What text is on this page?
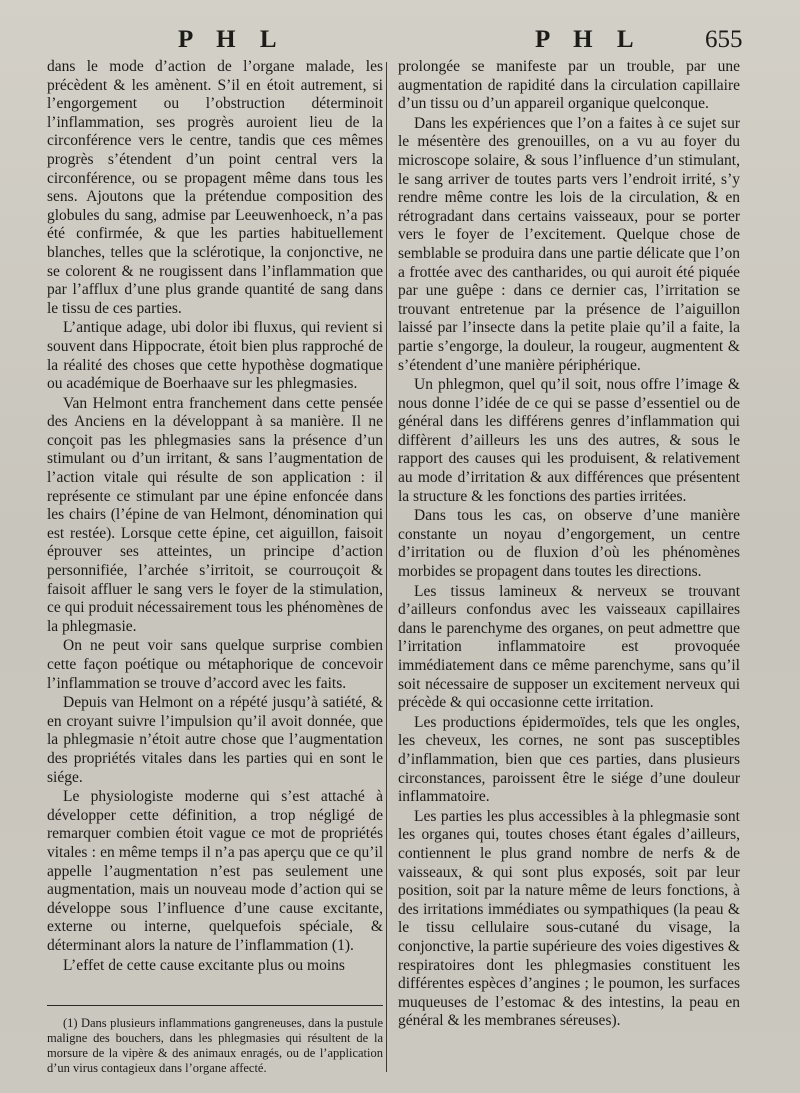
P H L	P H L 655

dans le mode d’action de l’organe malade, les précèdent & les amènent. S’il en étoit autrement, si l’engorgement ou l’obstruction déterminoit l’inflammation, ses progrès auroient lieu de la circonférence vers le centre, tandis que ces mêmes progrès s’étendent d’un point central vers la circonférence, ou se propagent même dans tous les sens. Ajoutons que la prétendue composition des globules du sang, admise par Leeuwenhoeck, n’a pas été confirmée, & que les parties habituellement blanches, telles que la sclérotique, la conjonctive, ne se colorent & ne rougissent dans l’inflammation que par l’afflux d’une plus grande quantité de sang dans le tissu de ces parties.

L’antique adage, ubi dolor ibi fluxus, qui revient si souvent dans Hippocrate, étoit bien plus rapproché de la réalité des choses que cette hypothèse dogmatique ou académique de Boerhaave sur les phlegmasies.

Van Helmont entra franchement dans cette pensée des Anciens en la développant à sa manière. Il ne conçoit pas les phlegmasies sans la présence d’un stimulant ou d’un irritant, & sans l’augmentation de l’action vitale qui résulte de son application : il représente ce stimulant par une épine enfoncée dans les chairs (l’épine de van Helmont, dénomination qui est restée). Lorsque cette épine, cet aiguillon, faisoit éprouver ses atteintes, un principe d’action personnifiée, l’archée s’irritoit, se courrouçoit & faisoit affluer le sang vers le foyer de la stimulation, ce qui produit nécessairement tous les phénomènes de la phlegmasie.

On ne peut voir sans quelque surprise combien cette façon poétique ou métaphorique de concevoir l’inflammation se trouve d’accord avec les faits.

Depuis van Helmont on a répété jusqu’à satiété, & en croyant suivre l’impulsion qu’il avoit donnée, que la phlegmasie n’étoit autre chose que l’augmentation des propriétés vitales dans les parties qui en sont le siége.

Le physiologiste moderne qui s’est attaché à développer cette définition, a trop négligé de remarquer combien étoit vague ce mot de propriétés vitales : en même temps il n’a pas aperçu que ce qu’il appelle l’augmentation n’est pas seulement une augmentation, mais un nouveau mode d’action qui se développe sous l’influence d’une cause excitante, externe ou interne, quelquefois spéciale, & déterminant alors la nature de l’inflammation (1).

L’effet de cette cause excitante plus ou moins

(1) Dans plusieurs inflammations gangreneuses, dans la pustule maligne des bouchers, dans les phlegmasies qui résultent de la morsure de la vipère & des animaux enragés, ou de l’application d’un virus contagieux dans l’organe affecté.

prolongée se manifeste par un trouble, par une augmentation de rapidité dans la circulation capillaire d’un tissu ou d’un appareil organique quelconque.

Dans les expériences que l’on a faites à ce sujet sur le mésentère des grenouilles, on a vu au foyer du microscope solaire, & sous l’influence d’un stimulant, le sang arriver de toutes parts vers l’endroit irrité, s’y rendre même contre les lois de la circulation, & en rétrogradant dans certains vaisseaux, pour se porter vers le foyer de l’excitement. Quelque chose de semblable se produira dans une partie délicate que l’on a frottée avec des cantharides, ou qui auroit été piquée par une guêpe : dans ce dernier cas, l’irritation se trouvant entretenue par la présence de l’aiguillon laissé par l’insecte dans la petite plaie qu’il a faite, la partie s’engorge, la douleur, la rougeur, augmentent & s’étendent d’une manière périphérique.

Un phlegmon, quel qu’il soit, nous offre l’image & nous donne l’idée de ce qui se passe d’essentiel ou de général dans les différens genres d’inflammation qui diffèrent d’ailleurs les uns des autres, & sous le rapport des causes qui les produisent, & relativement au mode d’irritation & aux différences que présentent la structure & les fonctions des parties irritées.

Dans tous les cas, on observe d’une manière constante un noyau d’engorgement, un centre d’irritation ou de fluxion d’où les phénomènes morbides se propagent dans toutes les directions.

Les tissus lamineux & nerveux se trouvant d’ailleurs confondus avec les vaisseaux capillaires dans le parenchyme des organes, on peut admettre que l’irritation inflammatoire est provoquée immédiatement dans ce même parenchyme, sans qu’il soit nécessaire de supposer un excitement nerveux qui précède & qui occasionne cette irritation.

Les productions épidermoïdes, tels que les ongles, les cheveux, les cornes, ne sont pas susceptibles d’inflammation, bien que ces parties, dans plusieurs circonstances, paroissent être le siége d’une douleur inflammatoire.

Les parties les plus accessibles à la phlegmasie sont les organes qui, toutes choses étant égales d’ailleurs, contiennent le plus grand nombre de nerfs & de vaisseaux, & qui sont plus exposés, soit par leur position, soit par la nature même de leurs fonctions, à des irritations immédiates ou sympathiques (la peau & le tissu cellulaire sous-cutané du visage, la conjonctive, la partie supérieure des voies digestives & respiratoires dont les phlegmasies constituent les différentes espèces d’angines ; le poumon, les surfaces muqueuses de l’estomac & des intestins, la peau en général & les membranes séreuses).
